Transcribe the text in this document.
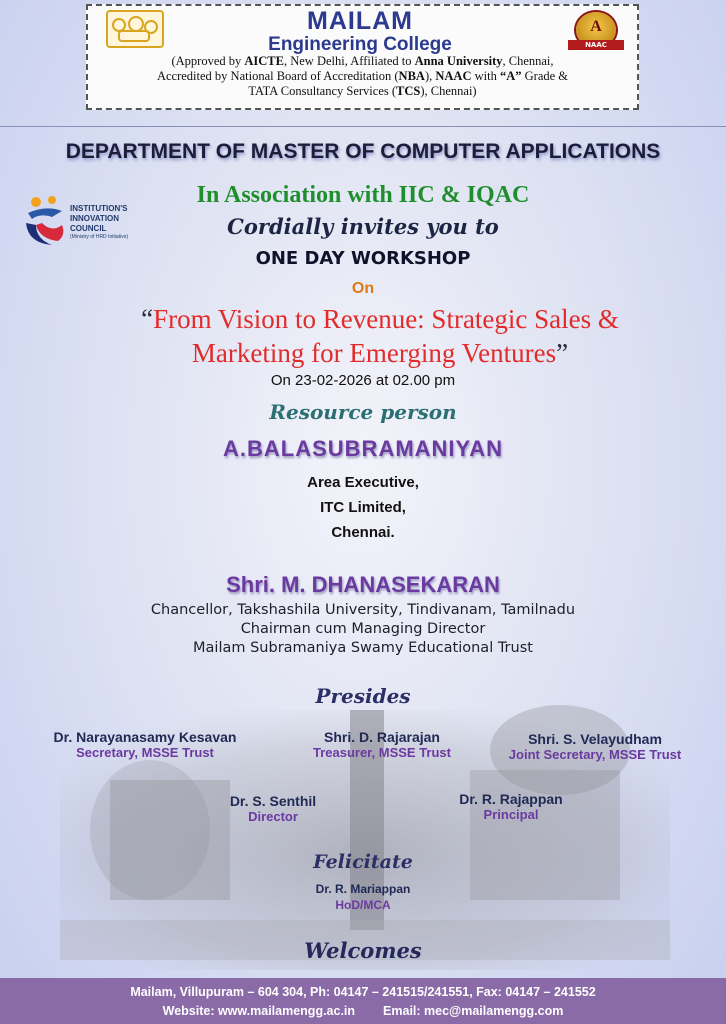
MAILAM
Engineering College
A
NAAC
(Approved by AICTE, New Delhi, Affiliated to Anna University, Chennai,
Accredited by National Board of Accreditation (NBA), NAAC with “A” Grade &
TATA Consultancy Services (TCS), Chennai)
DEPARTMENT OF MASTER OF COMPUTER APPLICATIONS
In Association with IIC & IQAC
INSTITUTION'S
INNOVATION
COUNCIL
(Ministry of HRD Initiative)	Cordially invites you to
ONE DAY WORKSHOP
On
“From Vision to Revenue: Strategic Sales &
Marketing for Emerging Ventures”
On 23-02-2026 at 02.00 pm
Resource person
A.BALASUBRAMANIYAN
Area Executive,
ITC Limited,
Chennai.
Shri. M. DHANASEKARAN
Chancellor, Takshashila University, Tindivanam, Tamilnadu
Chairman cum Managing Director
Mailam Subramaniya Swamy Educational Trust
Presides
Dr. Narayanasamy Kesavan
Secretary, MSSE Trust
Shri. D. Rajarajan
Treasurer, MSSE Trust
Shri. S. Velayudham
Joint Secretary, MSSE Trust
Dr. S. Senthil
Director
Dr. R. Rajappan
Principal
Felicitate
Dr. R. Mariappan
HoD/MCA
Welcomes
Mailam, Villupuram – 604 304, Ph: 04147 – 241515/241551, Fax: 04147 – 241552
Website: www.mailamengg.ac.in Email: mec@mailamengg.com
